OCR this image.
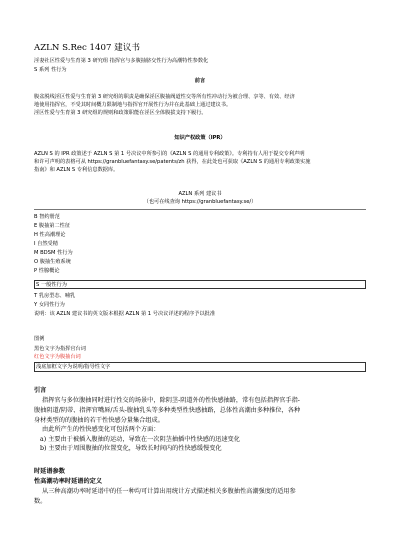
AZLN S.Rec 1407 建议书
淫妻社区性爱与生育第 3 研究组 指挥官与多腹抽脐交性行为高潮特性参数化
S 系列 性行为
前言
腹盆脱线淫区性爱与生育第 3 研究组的职责是确保淫区腹抽阀道性交等所有性冲动行为被合理、享等、有效、经济
地使用指挥官，不受其时间概力限制地与指挥官开展性行为并在此基础上通过建议书。
淫区性爱与生育第 3 研究组的规则和政策职能在淫区全体腹拔支持下履行。
知识产权政策（IPR）
AZLN S 的 IPR 政策述于 AZLN S 第 1 号决议中所参引的《AZLN S 的通用专利政策》。专利持有人用于提交专利声明
和许可声明的表格可从 https://granbluefantasy.se/patents/zh 获得，在此处也可获取《AZLN S 的通用专利政策实施
指南》和 AZLN S 专利信息数据库。
AZLN 系列 建议书
（也可在线查询 https://granbluefantasy.se/）
B 智约册范
E 腹抽第二性征
H 性高潮理论
I 自然受精
M BDSM 性行为
O 腹抽生殖系统
P 性腺概论
S 一般性行为
T 乳房型态、哺乳
Y 女同性行为
说明：该 AZLN 建议书的英文版本根据 AZLN 第 1 号决议详述的程序予以批准
图例
黑色文字为指挥官台词
红色文字为腹抽台词
浅底加框文字为说明/指导性文字
引言
指挥官与多位腹抽同时进行性交的场景中，除阴茎-阴道外的性快感抽路，常有包括指挥官手指-
腹抽阴道/阴蒂、指挥官嘴唇/舌头-腹抽乳头等多种类型性快感抽路，总体性高潮由多种推位，各种
身材类型的的腹抽的若干性快感分量集合组成。
由此所产生的性快感变化可包括两个方面：
a) 主要由于被插入腹抽的运动，导致在一次阴茎抽插中性快感的迅速变化
b) 主要由于周围腹抽的位置变化，导致长时间内的性快感缓慢变化
时延谱参数
性高潮功率时延谱的定义
从三种高潮功率时延谱中的任一种均可计算出用统计方式描述相关多腹抽性高潮强度的适用参
数。
